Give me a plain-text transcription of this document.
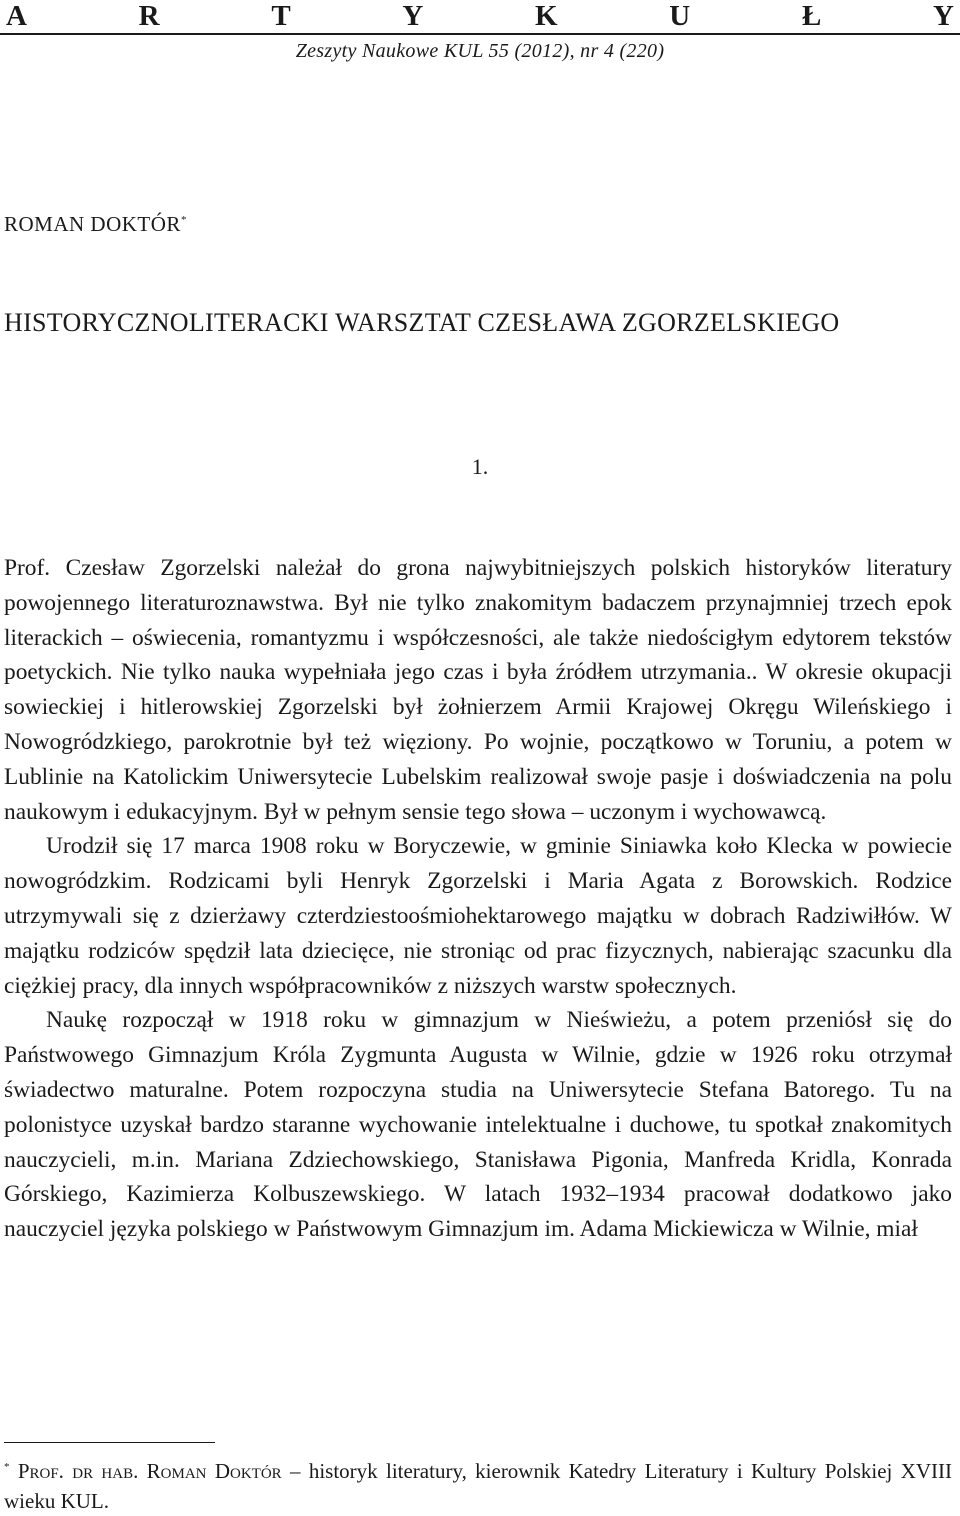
A	R	T	Y	K	U	Ł	Y
Zeszyty Naukowe KUL 55 (2012), nr 4 (220)
ROMAN DOKTÓR*
HISTORYCZNOLITERACKI WARSZTAT CZESŁAWA ZGORZELSKIEGO
1.

Prof. Czesław Zgorzelski należał do grona najwybitniejszych polskich historyków literatury powojennego literaturoznawstwa. Był nie tylko znakomitym badaczem przynajmniej trzech epok literackich – oświecenia, romantyzmu i współczesności, ale także niedościgłym edytorem tekstów poetyckich. Nie tylko nauka wypełniała jego czas i była źródłem utrzymania.. W okresie okupacji sowieckiej i hitlerowskiej Zgorzelski był żołnierzem Armii Krajowej Okręgu Wileńskiego i Nowogródzkiego, parokrotnie był też więziony. Po wojnie, początkowo w Toruniu, a potem w Lublinie na Katolickim Uniwersytecie Lubelskim realizował swoje pasje i doświadczenia na polu naukowym i edukacyjnym. Był w pełnym sensie tego słowa – uczonym i wychowawcą.

Urodził się 17 marca 1908 roku w Boryczewie, w gminie Siniawka koło Klecka w powiecie nowogródzkim. Rodzicami byli Henryk Zgorzelski i Maria Agata z Borowskich. Rodzice utrzymywali się z dzierżawy czterdziestoośmiohektarowego majątku w dobrach Radziwiłłów. W majątku rodziców spędził lata dziecięce, nie stroniąc od prac fizycznych, nabierając szacunku dla ciężkiej pracy, dla innych współpracowników z niższych warstw społecznych.

Naukę rozpoczął w 1918 roku w gimnazjum w Nieświeżu, a potem przeniósł się do Państwowego Gimnazjum Króla Zygmunta Augusta w Wilnie, gdzie w 1926 roku otrzymał świadectwo maturalne. Potem rozpoczyna studia na Uniwersytecie Stefana Batorego. Tu na polonistyce uzyskał bardzo staranne wychowanie intelektualne i duchowe, tu spotkał znakomitych nauczycieli, m.in. Mariana Zdziechowskiego, Stanisława Pigonia, Manfreda Kridla, Konrada Górskiego, Kazimierza Kolbuszewskiego. W latach 1932–1934 pracował dodatkowo jako nauczyciel języka polskiego w Państwowym Gimnazjum im. Adama Mickiewicza w Wilnie, miał

* Prof. dr hab. Roman Doktór – historyk literatury, kierownik Katedry Literatury i Kultury Polskiej XVIII wieku KUL.
